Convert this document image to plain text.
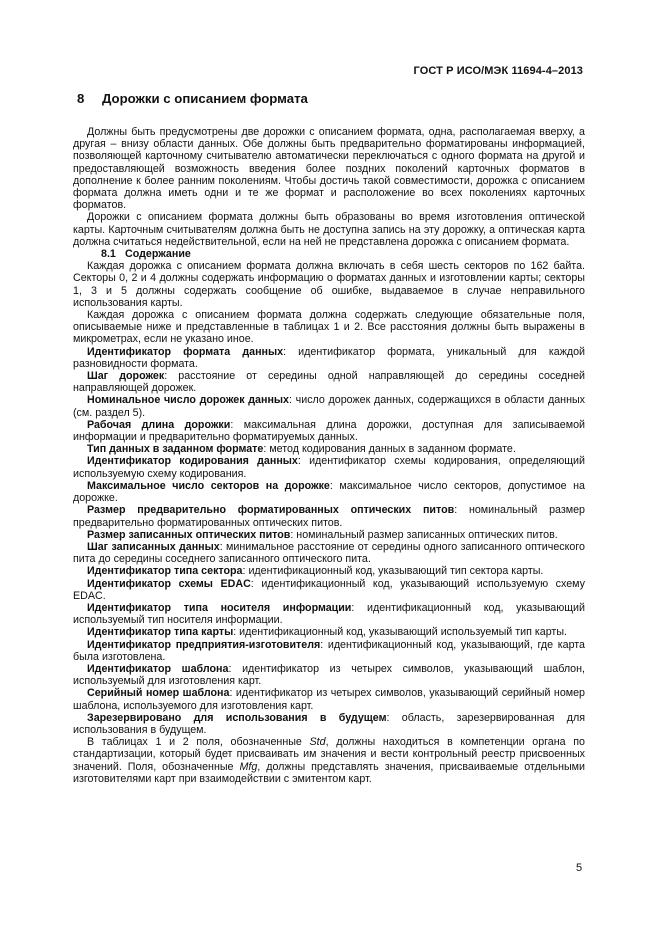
ГОСТ Р ИСО/МЭК 11694-4–2013
8 Дорожки с описанием формата

Должны быть предусмотрены две дорожки с описанием формата, одна, располагаемая вверху, а другая – внизу области данных. Обе должны быть предварительно форматированы информацией, позволяющей карточному считывателю автоматически переключаться с одного формата на другой и предоставляющей возможность введения более поздних поколений карточных форматов в дополнение к более ранним поколениям. Чтобы достичь такой совместимости, дорожка с описанием формата должна иметь одни и те же формат и расположение во всех поколениях карточных форматов.

Дорожки с описанием формата должны быть образованы во время изготовления оптической карты. Карточным считывателям должна быть не доступна запись на эту дорожку, а оптическая карта должна считаться недействительной, если на ней не представлена дорожка с описанием формата.

8.1 Содержание

Каждая дорожка с описанием формата должна включать в себя шесть секторов по 162 байта. Секторы 0, 2 и 4 должны содержать информацию о форматах данных и изготовлении карты; секторы 1, 3 и 5 должны содержать сообщение об ошибке, выдаваемое в случае неправильного использования карты.

Каждая дорожка с описанием формата должна содержать следующие обязательные поля, описываемые ниже и представленные в таблицах 1 и 2. Все расстояния должны быть выражены в микрометрах, если не указано иное.

Идентификатор формата данных: идентификатор формата, уникальный для каждой разновидности формата.

Шаг дорожек: расстояние от середины одной направляющей до середины соседней направляющей дорожек.

Номинальное число дорожек данных: число дорожек данных, содержащихся в области данных (см. раздел 5).

Рабочая длина дорожки: максимальная длина дорожки, доступная для записываемой информации и предварительно форматируемых данных.

Тип данных в заданном формате: метод кодирования данных в заданном формате.

Идентификатор кодирования данных: идентификатор схемы кодирования, определяющий используемую схему кодирования.

Максимальное число секторов на дорожке: максимальное число секторов, допустимое на дорожке.

Размер предварительно форматированных оптических питов: номинальный размер предварительно форматированных оптических питов.

Размер записанных оптических питов: номинальный размер записанных оптических питов.

Шаг записанных данных: минимальное расстояние от середины одного записанного оптического пита до середины соседнего записанного оптического пита.

Идентификатор типа сектора: идентификационный код, указывающий тип сектора карты.

Идентификатор схемы EDAC: идентификационный код, указывающий используемую схему EDAC.

Идентификатор типа носителя информации: идентификационный код, указывающий используемый тип носителя информации.

Идентификатор типа карты: идентификационный код, указывающий используемый тип карты.

Идентификатор предприятия-изготовителя: идентификационный код, указывающий, где карта была изготовлена.

Идентификатор шаблона: идентификатор из четырех символов, указывающий шаблон, используемый для изготовления карт.

Серийный номер шаблона: идентификатор из четырех символов, указывающий серийный номер шаблона, используемого для изготовления карт.

Зарезервировано для использования в будущем: область, зарезервированная для использования в будущем.

В таблицах 1 и 2 поля, обозначенные Std, должны находиться в компетенции органа по стандартизации, который будет присваивать им значения и вести контрольный реестр присвоенных значений. Поля, обозначенные Mfg, должны представлять значения, присваиваемые отдельными изготовителями карт при взаимодействии с эмитентом карт.

5
